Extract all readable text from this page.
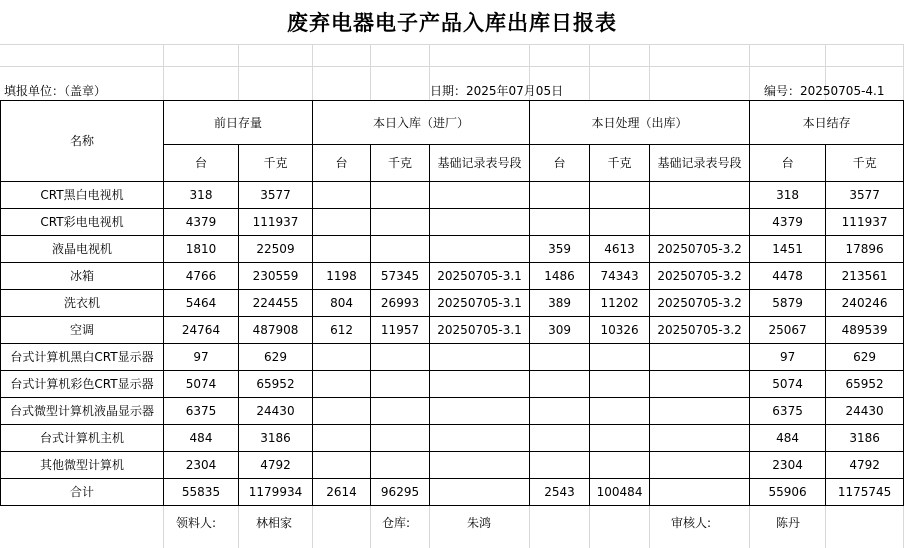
废弃电器电子产品入库出库日报表
填报单位：（盖章）	日期：2025年07月05日	编号：20250705-4.1
名称	前日存量		本日入库（进厂）			本日处理（出库）			本日结存	
	台	千克	台	千克	基础记录表号段	台	千克	基础记录表号段	台	千克
CRT黑白电视机	318	3577							318	3577
CRT彩电电视机	4379	111937							4379	111937
液晶电视机	1810	22509				359	4613	20250705-3.2	1451	17896
冰箱	4766	230559	1198	57345	20250705-3.1	1486	74343	20250705-3.2	4478	213561
洗衣机	5464	224455	804	26993	20250705-3.1	389	11202	20250705-3.2	5879	240246
空调	24764	487908	612	11957	20250705-3.1	309	10326	20250705-3.2	25067	489539
台式计算机黑白CRT显示器	97	629							97	629
台式计算机彩色CRT显示器	5074	65952							5074	65952
台式微型计算机液晶显示器	6375	24430							6375	24430
台式计算机主机	484	3186							484	3186
其他微型计算机	2304	4792							2304	4792
合计	55835	1179934	2614	96295		2543	100484		55906	1175745
领料人:	林相家	仓库:	朱鸿	审核人:	陈丹
